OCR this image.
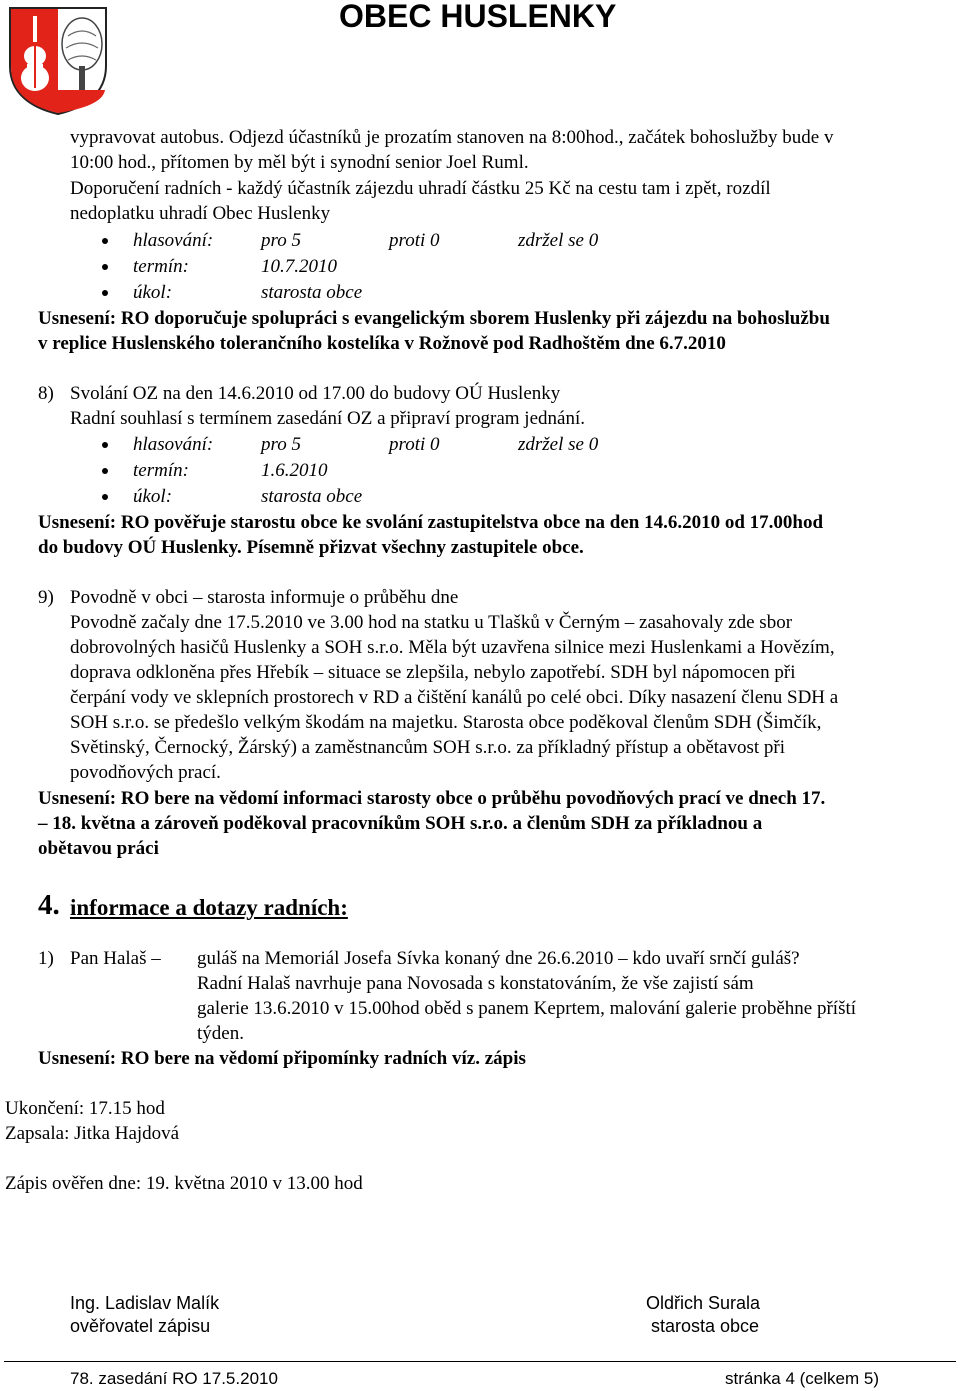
OBEC HUSLENKY
vypravovat autobus. Odjezd účastníků je prozatím stanoven na 8:00hod., začátek bohoslužby bude v
10:00 hod., přítomen by měl být i synodní senior Joel Ruml.
Doporučení radních - každý účastník zájezdu uhradí částku 25 Kč na cestu tam i zpět, rozdíl
nedoplatku uhradí Obec Huslenky
hlasování:	pro 5	proti 0	zdržel se 0
termín:	10.7.2010
úkol:	starosta obce
Usnesení: RO doporučuje spolupráci s evangelickým sborem Huslenky při zájezdu na bohoslužbu
v replice Huslenského tolerančního kostelíka v Rožnově pod Radhoštěm dne 6.7.2010
8) Svolání OZ na den 14.6.2010 od 17.00 do budovy OÚ Huslenky
Radní souhlasí s termínem zasedání OZ a připraví program jednání.
hlasování:	pro 5	proti 0	zdržel se 0
termín:	1.6.2010
úkol:	starosta obce
Usnesení: RO pověřuje starostu obce ke svolání zastupitelstva obce na den 14.6.2010 od 17.00hod
do budovy OÚ Huslenky. Písemně přizvat všechny zastupitele obce.
9) Povodně v obci – starosta informuje o průběhu dne
Povodně začaly dne 17.5.2010 ve 3.00 hod na statku u Tlašků v Černým – zasahovaly zde sbor
dobrovolných hasičů Huslenky a SOH s.r.o. Měla být uzavřena silnice mezi Huslenkami a Hovězím,
doprava odkloněna přes Hřebík – situace se zlepšila, nebylo zapotřebí. SDH byl nápomocen při
čerpání vody ve sklepních prostorech v RD a čištění kanálů po celé obci. Díky nasazení členu SDH a
SOH s.r.o. se předešlo velkým škodám na majetku. Starosta obce poděkoval členům SDH (Šimčík,
Světinský, Černocký, Žárský) a zaměstnancům SOH s.r.o. za příkladný přístup a obětavost při
povodňových prací.
Usnesení: RO bere na vědomí informaci starosty obce o průběhu povodňových prací ve dnech 17.
– 18. května a zároveň poděkoval pracovníkům SOH s.r.o. a členům SDH za příkladnou a
obětavou práci
4. informace a dotazy radních:
1) Pan Halaš – guláš na Memoriál Josefa Sívka konaný dne 26.6.2010 – kdo uvaří srnčí guláš?
Radní Halaš navrhuje pana Novosada s konstatováním, že vše zajistí sám
galerie 13.6.2010 v 15.00hod oběd s panem Keprtem, malování galerie proběhne příští
týden.
Usnesení: RO bere na vědomí připomínky radních víz. zápis
Ukončení: 17.15 hod
Zapsala: Jitka Hajdová
Zápis ověřen dne: 19. května 2010 v 13.00 hod
Ing. Ladislav Malík
ověřovatel zápisu
Oldřich Surala
starosta obce
78. zasedání RO 17.5.2010	stránka 4 (celkem 5)
